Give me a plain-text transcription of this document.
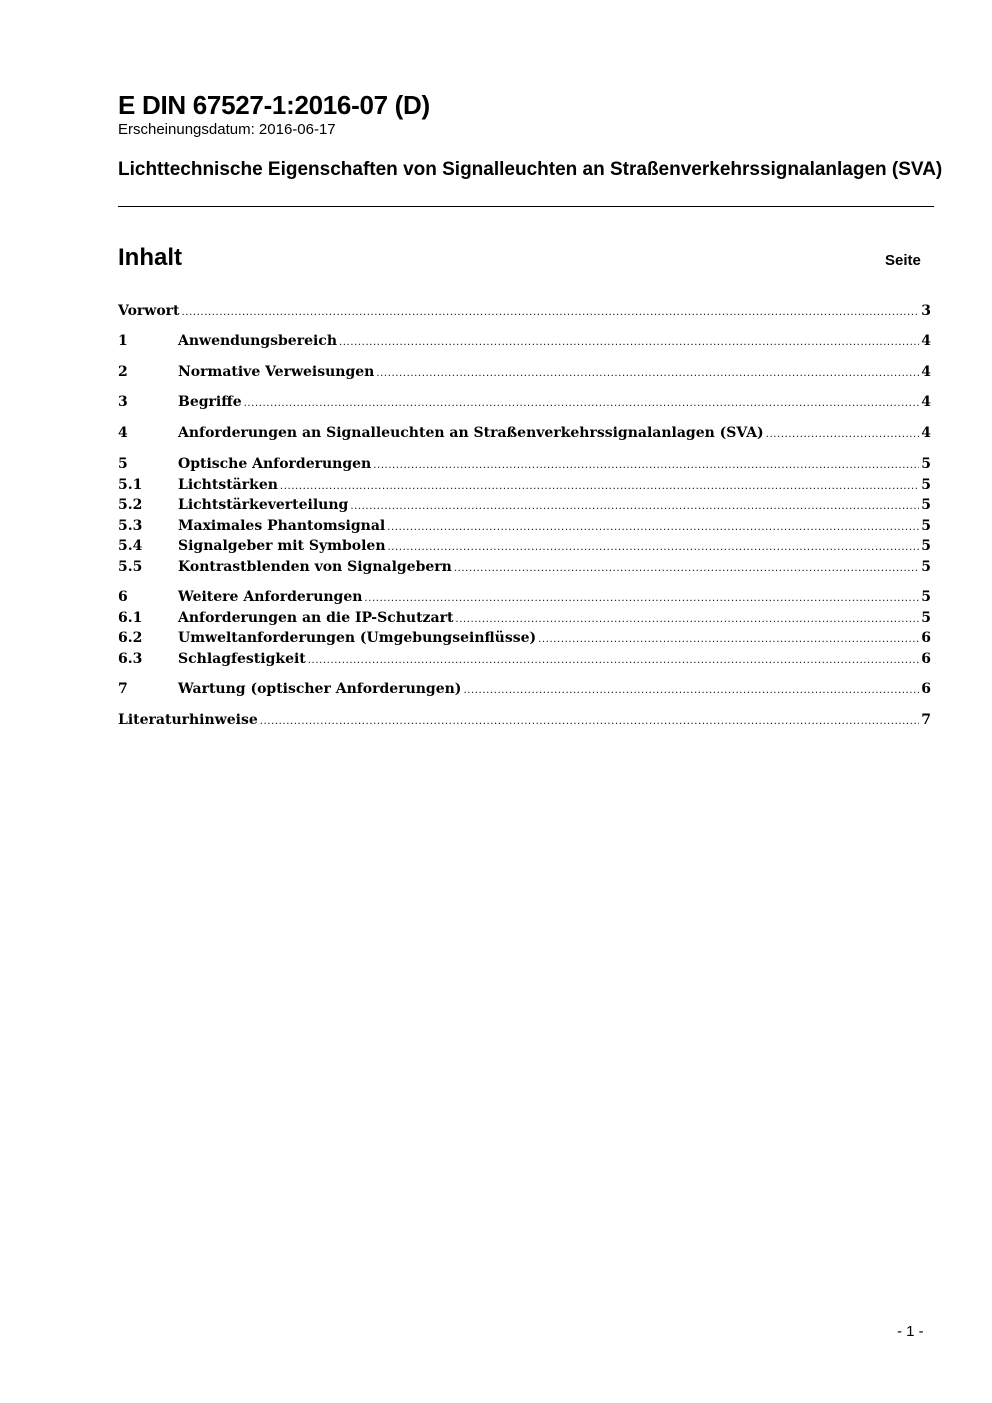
E DIN 67527-1:2016-07 (D)
Erscheinungsdatum: 2016-06-17
Lichttechnische Eigenschaften von Signalleuchten an Straßenverkehrssignalanlagen (SVA)
Inhalt	Seite
Vorwort .....	3
1	Anwendungsbereich .....	4
2	Normative Verweisungen .....	4
3	Begriffe .....	4
4	Anforderungen an Signalleuchten an Straßenverkehrssignalanlagen (SVA) .....	4
5	Optische Anforderungen .....	5
5.1	Lichtstärken .....	5
5.2	Lichtstärkeverteilung .....	5
5.3	Maximales Phantomsignal .....	5
5.4	Signalgeber mit Symbolen .....	5
5.5	Kontrastblenden von Signalgebern .....	5
6	Weitere Anforderungen .....	5
6.1	Anforderungen an die IP-Schutzart .....	5
6.2	Umweltanforderungen (Umgebungseinflüsse) .....	6
6.3	Schlagfestigkeit .....	6
7	Wartung (optischer Anforderungen) .....	6
Literaturhinweise .....	7
- 1 -
